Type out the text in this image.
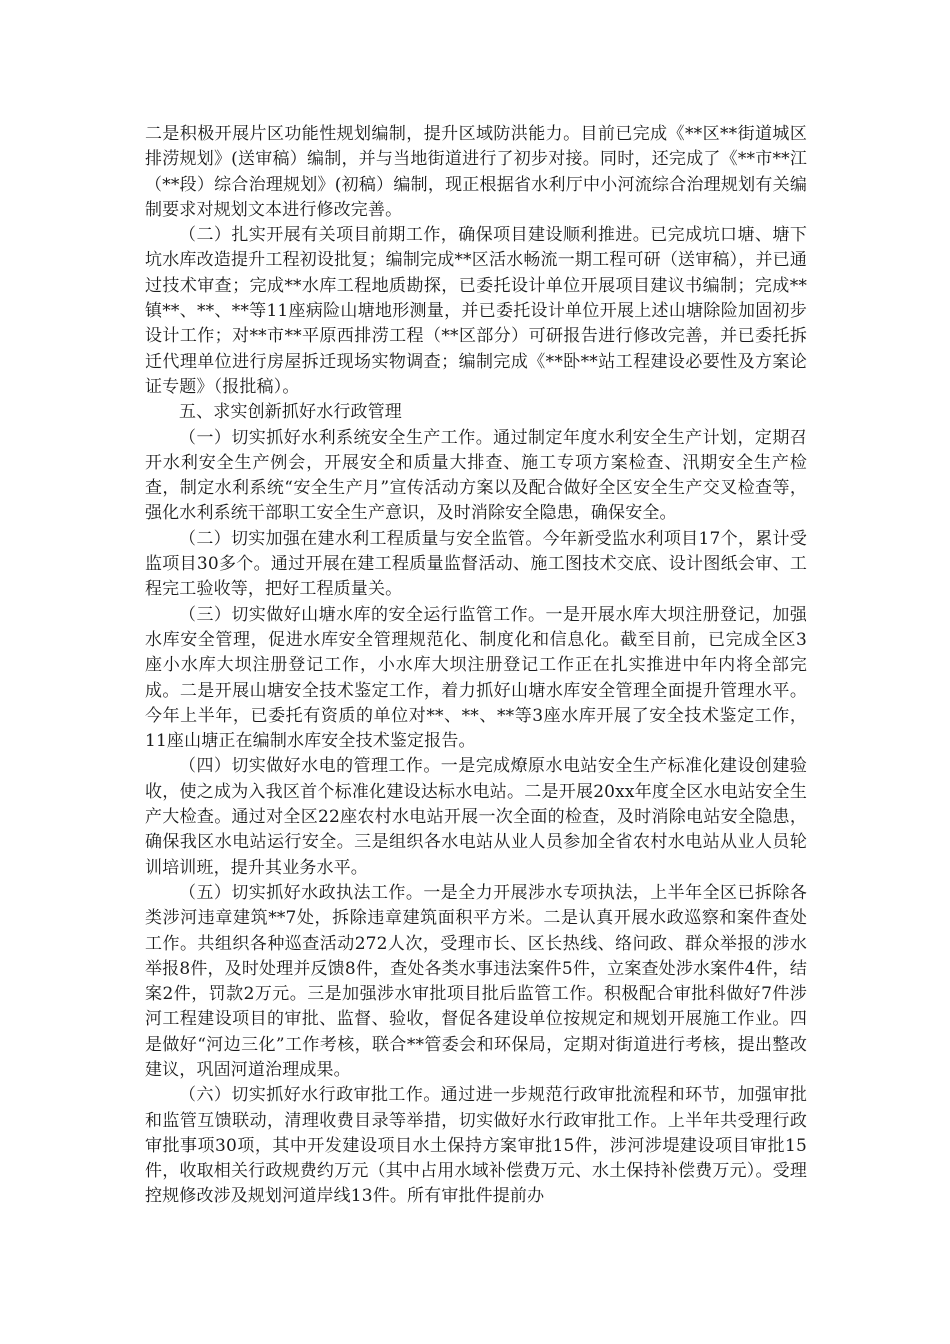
二是积极开展片区功能性规划编制，提升区域防洪能力。目前已完成《**区**街道城区排涝规划》(送审稿）编制，并与当地街道进行了初步对接。同时，还完成了《**市**江（**段）综合治理规划》(初稿）编制，现正根据省水利厅中小河流综合治理规划有关编制要求对规划文本进行修改完善。

（二）扎实开展有关项目前期工作，确保项目建设顺利推进。已完成坑口塘、塘下坑水库改造提升工程初设批复；编制完成**区活水畅流一期工程可研（送审稿），并已通过技术审查；完成**水库工程地质勘探，已委托设计单位开展项目建议书编制；完成**镇**、**、**等11座病险山塘地形测量，并已委托设计单位开展上述山塘除险加固初步设计工作；对**市**平原西排涝工程（**区部分）可研报告进行修改完善，并已委托拆迁代理单位进行房屋拆迁现场实物调查；编制完成《**卧**站工程建设必要性及方案论证专题》（报批稿）。

五、求实创新抓好水行政管理

（一）切实抓好水利系统安全生产工作。通过制定年度水利安全生产计划，定期召开水利安全生产例会，开展安全和质量大排查、施工专项方案检查、汛期安全生产检查，制定水利系统“安全生产月”宣传活动方案以及配合做好全区安全生产交叉检查等，强化水利系统干部职工安全生产意识，及时消除安全隐患，确保安全。

（二）切实加强在建水利工程质量与安全监管。今年新受监水利项目17个，累计受监项目30多个。通过开展在建工程质量监督活动、施工图技术交底、设计图纸会审、工程完工验收等，把好工程质量关。

（三）切实做好山塘水库的安全运行监管工作。一是开展水库大坝注册登记，加强水库安全管理，促进水库安全管理规范化、制度化和信息化。截至目前，已完成全区3座小水库大坝注册登记工作，小水库大坝注册登记工作正在扎实推进中年内将全部完成。二是开展山塘安全技术鉴定工作，着力抓好山塘水库安全管理全面提升管理水平。今年上半年，已委托有资质的单位对**、**、**等3座水库开展了安全技术鉴定工作，11座山塘正在编制水库安全技术鉴定报告。

（四）切实做好水电的管理工作。一是完成燎原水电站安全生产标准化建设创建验收，使之成为入我区首个标准化建设达标水电站。二是开展20xx年度全区水电站安全生产大检查。通过对全区22座农村水电站开展一次全面的检查，及时消除电站安全隐患，确保我区水电站运行安全。三是组织各水电站从业人员参加全省农村水电站从业人员轮训培训班，提升其业务水平。

（五）切实抓好水政执法工作。一是全力开展涉水专项执法，上半年全区已拆除各类涉河违章建筑**7处，拆除违章建筑面积平方米。二是认真开展水政巡察和案件查处工作。共组织各种巡查活动272人次，受理市长、区长热线、络问政、群众举报的涉水举报8件，及时处理并反馈8件，查处各类水事违法案件5件，立案查处涉水案件4件，结案2件，罚款2万元。三是加强涉水审批项目批后监管工作。积极配合审批科做好7件涉河工程建设项目的审批、监督、验收，督促各建设单位按规定和规划开展施工作业。四是做好“河边三化”工作考核，联合**管委会和环保局，定期对街道进行考核，提出整改建议，巩固河道治理成果。

（六）切实抓好水行政审批工作。通过进一步规范行政审批流程和环节，加强审批和监管互馈联动，清理收费目录等举措，切实做好水行政审批工作。上半年共受理行政审批事项30项，其中开发建设项目水土保持方案审批15件，涉河涉堤建设项目审批15件，收取相关行政规费约万元（其中占用水域补偿费万元、水土保持补偿费万元）。受理控规修改涉及规划河道岸线13件。所有审批件提前办
